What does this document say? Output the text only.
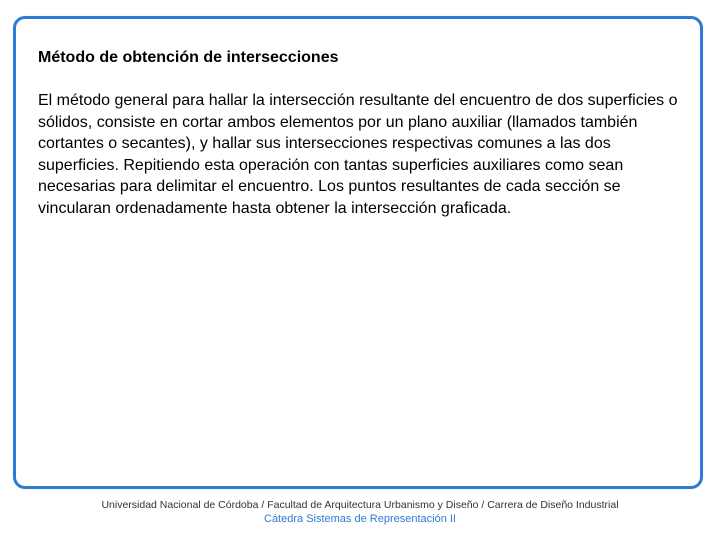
Método de obtención de intersecciones

El método general para hallar la intersección resultante del encuentro de dos superficies o sólidos, consiste en cortar ambos elementos por un plano auxiliar (llamados también cortantes o secantes), y hallar sus intersecciones respectivas comunes a las dos superficies. Repitiendo esta operación con tantas superficies auxiliares como sean necesarias para delimitar el encuentro. Los puntos resultantes de cada sección se vincularan ordenadamente hasta obtener la intersección graficada.

Universidad Nacional de Córdoba / Facultad de Arquitectura Urbanismo y Diseño / Carrera de Diseño Industrial
Cátedra Sistemas de Representación II
